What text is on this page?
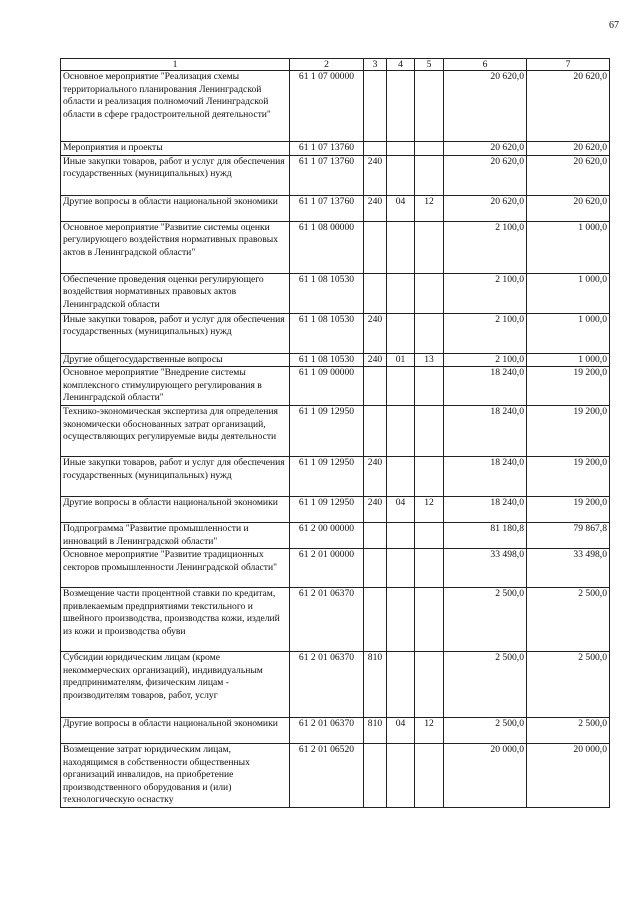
67
1	2	3	4	5	6	7
Основное мероприятие "Реализация схемы территориального планирования Ленинградской области и реализация полномочий Ленинградской области в сфере градостроительной деятельности"	61 1 07 00000				20 620,0	20 620,0
Мероприятия и проекты	61 1 07 13760				20 620,0	20 620,0
Иные закупки товаров, работ и услуг для обеспечения государственных (муниципальных) нужд	61 1 07 13760	240			20 620,0	20 620,0
Другие вопросы в области национальной экономики	61 1 07 13760	240	04	12	20 620,0	20 620,0
Основное мероприятие "Развитие системы оценки регулирующего воздействия нормативных правовых актов в Ленинградской области"	61 1 08 00000				2 100,0	1 000,0
Обеспечение проведения оценки регулирующего воздействия нормативных правовых актов Ленинградской области	61 1 08 10530				2 100,0	1 000,0
Иные закупки товаров, работ и услуг для обеспечения государственных (муниципальных) нужд	61 1 08 10530	240			2 100,0	1 000,0
Другие общегосударственные вопросы	61 1 08 10530	240	01	13	2 100,0	1 000,0
Основное мероприятие "Внедрение системы комплексного стимулирующего регулирования в Ленинградской области"	61 1 09 00000				18 240,0	19 200,0
Технико-экономическая экспертиза для определения экономически обоснованных затрат организаций, осуществляющих регулируемые виды деятельности	61 1 09 12950				18 240,0	19 200,0
Иные закупки товаров, работ и услуг для обеспечения государственных (муниципальных) нужд	61 1 09 12950	240			18 240,0	19 200,0
Другие вопросы в области национальной экономики	61 1 09 12950	240	04	12	18 240,0	19 200,0
Подпрограмма "Развитие промышленности и инноваций в Ленинградской области"	61 2 00 00000				81 180,8	79 867,8
Основное мероприятие "Развитие традиционных секторов промышленности Ленинградской области"	61 2 01 00000				33 498,0	33 498,0
Возмещение части процентной ставки по кредитам, привлекаемым предприятиями текстильного и швейного производства, производства кожи, изделий из кожи и производства обуви	61 2 01 06370				2 500,0	2 500,0
Субсидии юридическим лицам (кроме некоммерческих организаций), индивидуальным предпринимателям, физическим лицам - производителям товаров, работ, услуг	61 2 01 06370	810			2 500,0	2 500,0
Другие вопросы в области национальной экономики	61 2 01 06370	810	04	12	2 500,0	2 500,0
Возмещение затрат юридическим лицам, находящимся в собственности общественных организаций инвалидов, на приобретение производственного оборудования и (или) технологическую оснастку	61 2 01 06520				20 000,0	20 000,0
